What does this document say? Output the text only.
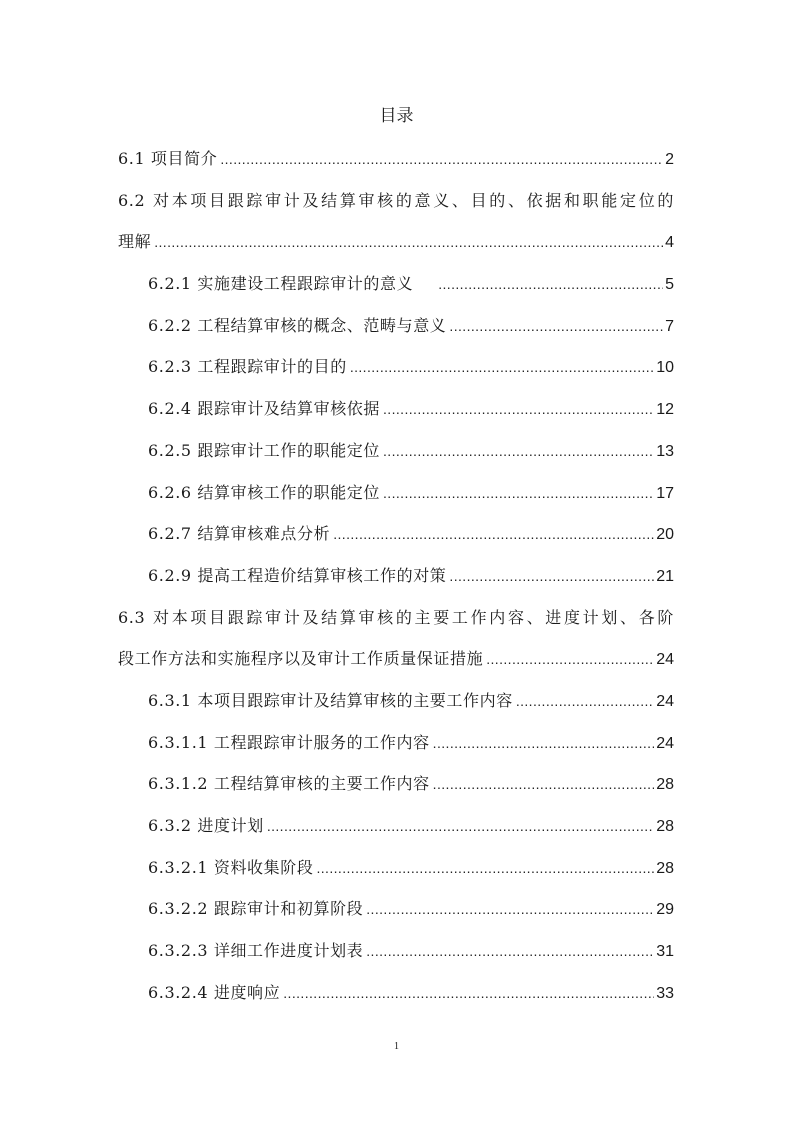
目录
6.1 项目简介 .....	2
6.2 对本项目跟踪审计及结算审核的意义、目的、依据和职能定位的
理解 .....	4
6.2.1 实施建设工程跟踪审计的意义 .....	5
6.2.2 工程结算审核的概念、范畴与意义 .....	7
6.2.3 工程跟踪审计的目的 .....	10
6.2.4 跟踪审计及结算审核依据 .....	12
6.2.5 跟踪审计工作的职能定位 .....	13
6.2.6 结算审核工作的职能定位 .....	17
6.2.7 结算审核难点分析 .....	20
6.2.9 提高工程造价结算审核工作的对策 .....	21
6.3 对本项目跟踪审计及结算审核的主要工作内容、进度计划、各阶
段工作方法和实施程序以及审计工作质量保证措施 .....	24
6.3.1 本项目跟踪审计及结算审核的主要工作内容 .....	24
6.3.1.1 工程跟踪审计服务的工作内容 .....	24
6.3.1.2 工程结算审核的主要工作内容 .....	28
6.3.2 进度计划 .....	28
6.3.2.1 资料收集阶段 .....	28
6.3.2.2 跟踪审计和初算阶段 .....	29
6.3.2.3 详细工作进度计划表 .....	31
6.3.2.4 进度响应 .....	33
1
